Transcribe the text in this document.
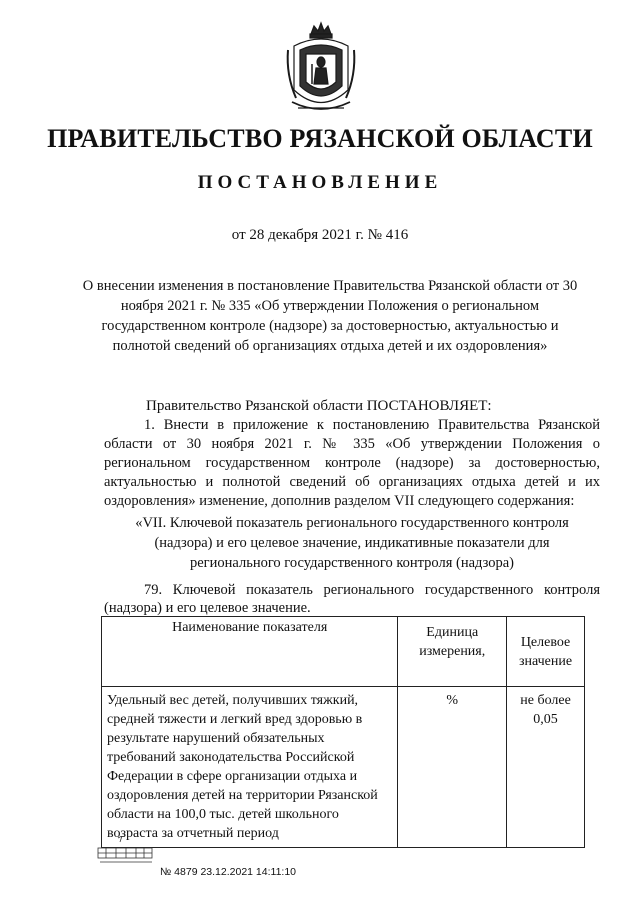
ПРАВИТЕЛЬСТВО РЯЗАНСКОЙ ОБЛАСТИ
ПОСТАНОВЛЕНИЕ
от 28 декабря 2021 г. № 416
О внесении изменения в постановление Правительства Рязанской области от 30 ноября 2021 г. № 335 «Об утверждении Положения о региональном государственном контроле (надзоре) за достоверностью, актуальностью и полнотой сведений об организациях отдыха детей и их оздоровления»
Правительство Рязанской области ПОСТАНОВЛЯЕТ:
1. Внести в приложение к постановлению Правительства Рязанской области от 30 ноября 2021 г. № 335 «Об утверждении Положения о региональном государственном контроле (надзоре) за достоверностью, актуальностью и полнотой сведений об организациях отдыха детей и их оздоровления» изменение, дополнив разделом VII следующего содержания:
«VII. Ключевой показатель регионального государственного контроля (надзора) и его целевое значение, индикативные показатели для регионального государственного контроля (надзора)
79. Ключевой показатель регионального государственного контроля (надзора) и его целевое значение.
Наименование показателя	Единица измерения,	Целевое значение
Удельный вес детей, получивших тяжкий, средней тяжести и легкий вред здоровью в результате нарушений обязательных требований законодательства Российской Федерации в сфере организации отдыха и оздоровления детей на территории Рязанской области на 100,0 тыс. детей школьного возраста за отчетный период	%	не более 0,05
№ 4879 23.12.2021 14:11:10
